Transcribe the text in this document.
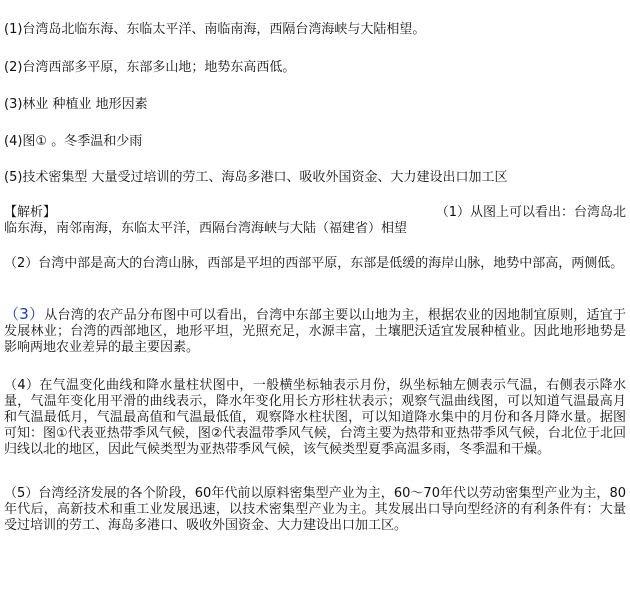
(1)台湾岛北临东海、东临太平洋、南临南海，西隔台湾海峡与大陆相望。
(2)台湾西部多平原，东部多山地；地势东高西低。
(3)林业 种植业 地形因素
(4)图① 。冬季温和少雨
(5)技术密集型 大量受过培训的劳工、海岛多港口、吸收外国资金、大力建设出口加工区
【解析】	（1）从图上可以看出：台湾岛北
临东海，南邻南海，东临太平洋，西隔台湾海峡与大陆（福建省）相望
（2）台湾中部是高大的台湾山脉，西部是平坦的西部平原，东部是低缓的海岸山脉，地势中部高，两侧低。
（3）从台湾的农产品分布图中可以看出，台湾中东部主要以山地为主，根据农业的因地制宜原则，适宜于发展林业；台湾的西部地区，地形平坦，光照充足，水源丰富，土壤肥沃适宜发展种植业。因此地形地势是影响两地农业差异的最主要因素。
（4）在气温变化曲线和降水量柱状图中，一般横坐标轴表示月份，纵坐标轴左侧表示气温，右侧表示降水量，气温年变化用平滑的曲线表示，降水年变化用长方形柱状表示；观察气温曲线图，可以知道气温最高月和气温最低月，气温最高值和气温最低值，观察降水柱状图，可以知道降水集中的月份和各月降水量。据图可知：图①代表亚热带季风气候，图②代表温带季风气候，台湾主要为热带和亚热带季风气候，台北位于北回归线以北的地区，因此气候类型为亚热带季风气候，该气候类型夏季高温多雨，冬季温和干燥。
（5）台湾经济发展的各个阶段，60年代前以原料密集型产业为主，60～70年代以劳动密集型产业为主，80年代后，高新技术和重工业发展迅速，以技术密集型产业为主。其发展出口导向型经济的有利条件有：大量受过培训的劳工、海岛多港口、吸收外国资金、大力建设出口加工区。
